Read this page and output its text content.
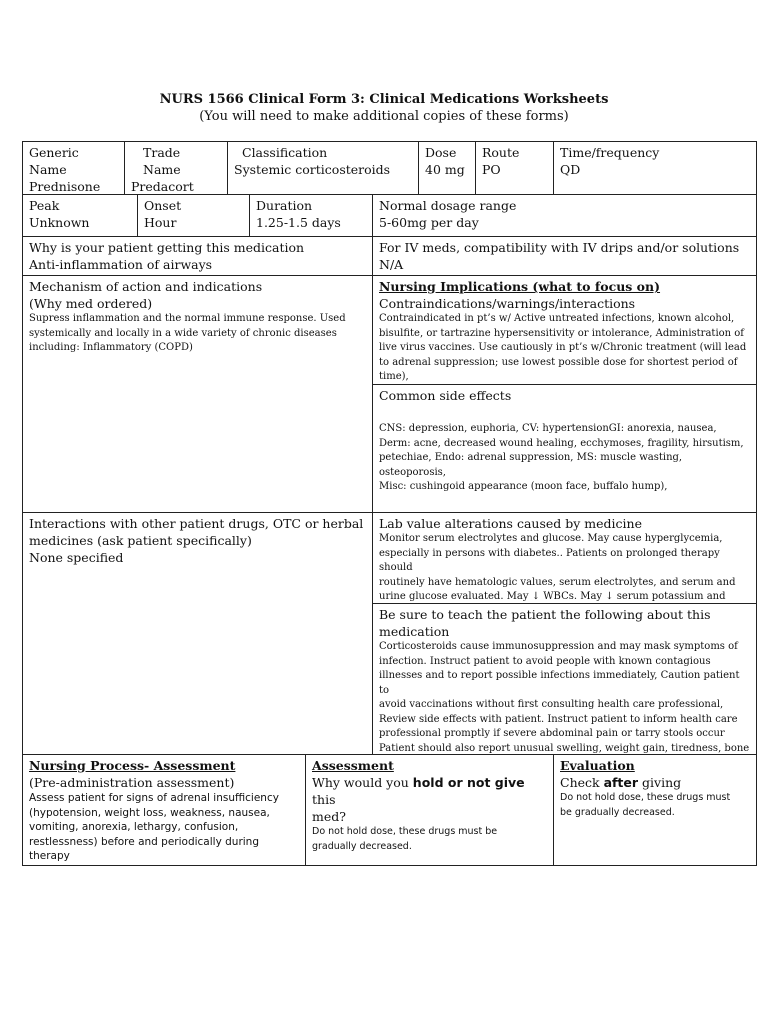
NURS 1566 Clinical Form 3: Clinical Medications Worksheets
(You will need to make additional copies of these forms)
Generic Name
Prednisone
Trade Name
Predacort
Classification
Systemic corticosteroids
Dose
40 mg
Route
PO
Time/frequency
QD
Peak
Unknown
Onset
Hour
Duration
1.25-1.5 days
Normal dosage range
5-60mg per day
Why is your patient getting this medication
Anti-inflammation of airways
For IV meds, compatibility with IV drips and/or solutions
N/A
Mechanism of action and indications
(Why med ordered)
Supress inflammation and the normal immune response. Used
systemically and locally in a wide variety of chronic diseases
including: Inflammatory (COPD)
Nursing Implications (what to focus on)
Contraindications/warnings/interactions
Contraindicated in pt’s w/ Active untreated infections, known alcohol,
bisulfite, or tartrazine hypersensitivity or intolerance, Administration of
live virus vaccines. Use cautiously in pt’s w/Chronic treatment (will lead
to adrenal suppression; use lowest possible dose for shortest period of
time),
Common side effects
CNS: depression, euphoria, CV: hypertensionGI: anorexia, nausea,
Derm: acne, decreased wound healing, ecchymoses, fragility, hirsutism,
petechiae, Endo: adrenal suppression, MS: muscle wasting, osteoporosis,
Misc: cushingoid appearance (moon face, buffalo hump),
Interactions with other patient drugs, OTC or herbal
medicines (ask patient specifically)
None specified
Lab value alterations caused by medicine
Monitor serum electrolytes and glucose. May cause hyperglycemia,
especially in persons with diabetes.. Patients on prolonged therapy should
routinely have hematologic values, serum electrolytes, and serum and
urine glucose evaluated. May ↓ WBCs. May ↓ serum potassium and
Be sure to teach the patient the following about this
medication
Corticosteroids cause immunosuppression and may mask symptoms of
infection. Instruct patient to avoid people with known contagious
illnesses and to report possible infections immediately, Caution patient to
avoid vaccinations without first consulting health care professional,
Review side effects with patient. Instruct patient to inform health care
professional promptly if severe abdominal pain or tarry stools occur
Patient should also report unusual swelling, weight gain, tiredness, bone
Nursing Process- Assessment
(Pre-administration assessment)
Assess patient for signs of adrenal insufficiency
(hypotension, weight loss, weakness, nausea,
vomiting, anorexia, lethargy, confusion,
restlessness) before and periodically during
therapy
Assessment
Why would you hold or not give this
med?
Do not hold dose, these drugs must be
gradually decreased.
Evaluation
Check after giving
Do not hold dose, these drugs must
be gradually decreased.
